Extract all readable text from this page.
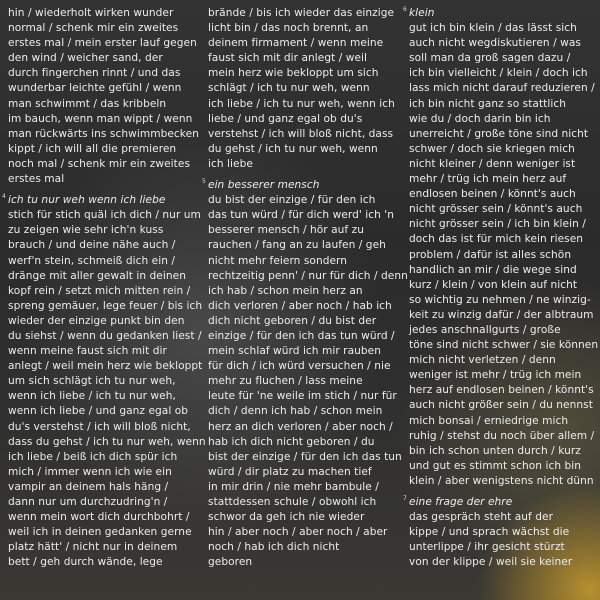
hin / wiederholt wirken wunder
normal / schenk mir ein zweites
erstes mal / mein erster lauf gegen
den wind / weicher sand, der
durch fingerchen rinnt / und das
wunderbar leichte gefühl / wenn
man schwimmt / das kribbeln
im bauch, wenn man wippt / wenn
man rückwärts ins schwimmbecken
kippt / ich will all die premieren
noch mal / schenk mir ein zweites
erstes mal
4 ich tu nur weh wenn ich liebe
stich für stich quäl ich dich / nur um
zu zeigen wie sehr ich'n kuss
brauch / und deine nähe auch /
werf'n stein, schmeiß dich ein /
dränge mit aller gewalt in deinen
kopf rein / setzt mich mitten rein /
spreng gemäuer, lege feuer / bis ich
wieder der einzige punkt bin den
du siehst / wenn du gedanken liest /
wenn meine faust sich mit dir
anlegt / weil mein herz wie bekloppt
um sich schlägt ich tu nur weh,
wenn ich liebe / ich tu nur weh,
wenn ich liebe / und ganz egal ob
du's verstehst / ich will bloß nicht,
dass du gehst / ich tu nur weh, wenn
ich liebe / beiß ich dich spür ich
mich / immer wenn ich wie ein
vampir an deinem hals häng /
dann nur um durchzudring'n /
wenn mein wort dich durchbohrt /
weil ich in deinen gedanken gerne
platz hätt' / nicht nur in deinem
bett / geh durch wände, lege
brände / bis ich wieder das einzige
licht bin / das noch brennt, an
deinem firmament / wenn meine
faust sich mit dir anlegt / weil
mein herz wie bekloppt um sich
schlägt / ich tu nur weh, wenn
ich liebe / ich tu nur weh, wenn ich
liebe / und ganz egal ob du's
verstehst / ich will bloß nicht, dass
du gehst / ich tu nur weh, wenn
ich liebe
5 ein besserer mensch
du bist der einzige / für den ich
das tun würd / für dich werd' ich 'n
besserer mensch / hör auf zu
rauchen / fang an zu laufen / geh
nicht mehr feiern sondern
rechtzeitig penn' / nur für dich / denn
ich hab / schon mein herz an
dich verloren / aber noch / hab ich
dich nicht geboren / du bist der
einzige / für den ich das tun würd /
mein schlaf würd ich mir rauben
für dich / ich würd versuchen / nie
mehr zu fluchen / lass meine
leute für 'ne weile im stich / nur für
dich / denn ich hab / schon mein
herz an dich verloren / aber noch /
hab ich dich nicht geboren / du
bist der einzige / für den ich das tun
würd / dir platz zu machen tief
in mir drin / nie mehr bambule /
stattdessen schule / obwohl ich
schwor da geh ich nie wieder
hin / aber noch / aber noch / aber
noch / hab ich dich nicht
geboren
6 klein
gut ich bin klein / das lässt sich
auch nicht wegdiskutieren / was
soll man da groß sagen dazu /
ich bin vielleicht / klein / doch ich
lass mich nicht darauf reduzieren /
ich bin nicht ganz so stattlich
wie du / doch darin bin ich
unerreicht / große töne sind nicht
schwer / doch sie kriegen mich
nicht kleiner / denn weniger ist
mehr / trüg ich mein herz auf
endlosen beinen / könnt's auch
nicht grösser sein / könnt's auch
nicht grösser sein / ich bin klein /
doch das ist für mich kein riesen
problem / dafür ist alles schön
handlich an mir / die wege sind
kurz / klein / von klein auf nicht
so wichtig zu nehmen / ne winzig-
keit zu winzig dafür / der albtraum
jedes anschnallgurts / große
töne sind nicht schwer / sie können
mich nicht verletzen / denn
weniger ist mehr / trüg ich mein
herz auf endlosen beinen / könnt's
auch nicht größer sein / du nennst
mich bonsai / erniedrige mich
ruhig / stehst du noch über allem /
bin ich schon unten durch / kurz
und gut es stimmt schon ich bin
klein / aber wenigstens nicht dünn
7 eine frage der ehre
das gespräch steht auf der
kippe / und sprach wächst die
unterlippe / ihr gesicht stürzt
von der klippe / weil sie keiner
